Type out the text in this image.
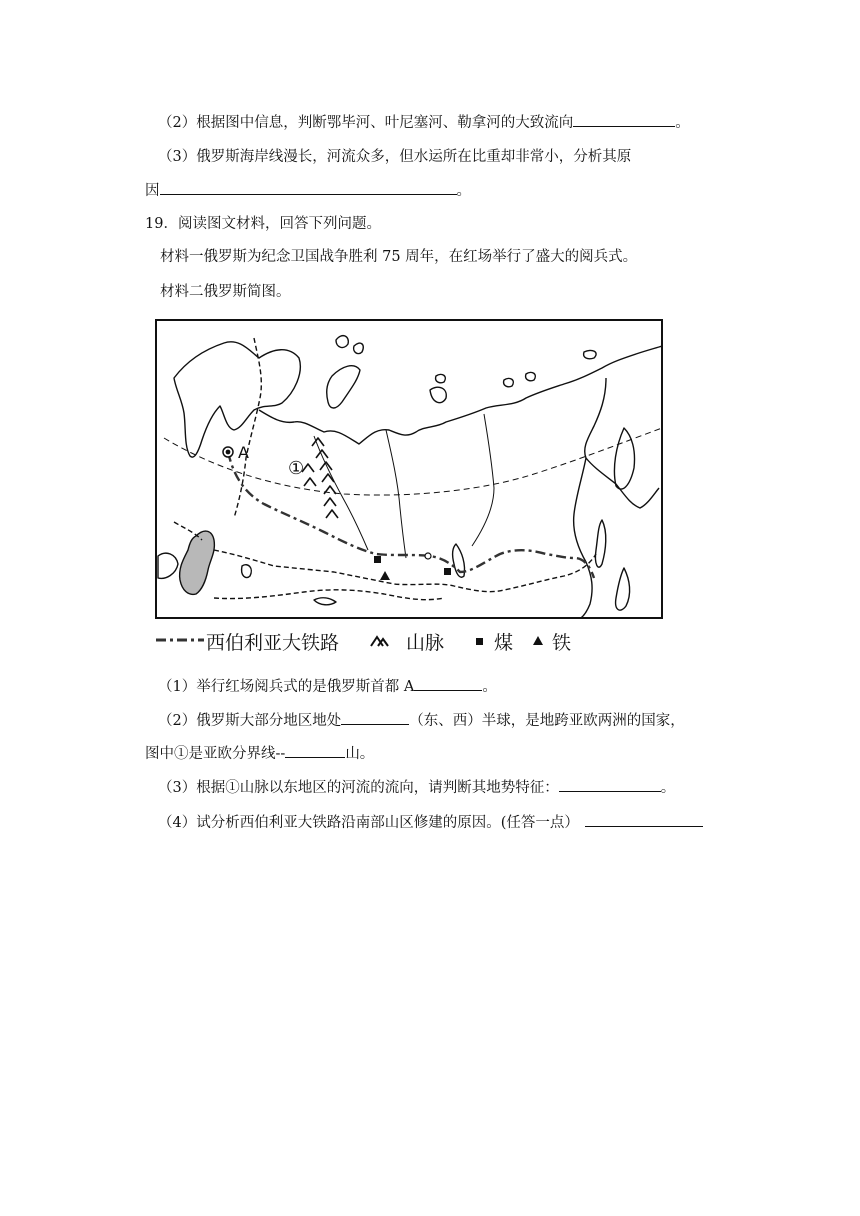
（2）根据图中信息，判断鄂毕河、叶尼塞河、勒拿河的大致流向	。
（3）俄罗斯海岸线漫长，河流众多，但水运所在比重却非常小，分析其原
因	。
19．阅读图文材料，回答下列问题。
材料一俄罗斯为纪念卫国战争胜利 75 周年，在红场举行了盛大的阅兵式。
材料二俄罗斯简图。
A
①
西伯利亚大铁路	山脉	煤 铁
（1）举行红场阅兵式的是俄罗斯首都 A	。
（2）俄罗斯大部分地区地处	（东、西）半球，是地跨亚欧两洲的国家，
图中①是亚欧分界线--	山。
（3）根据①山脉以东地区的河流的流向，请判断其地势特征：	。
（4）试分析西伯利亚大铁路沿南部山区修建的原因。(任答一点）
